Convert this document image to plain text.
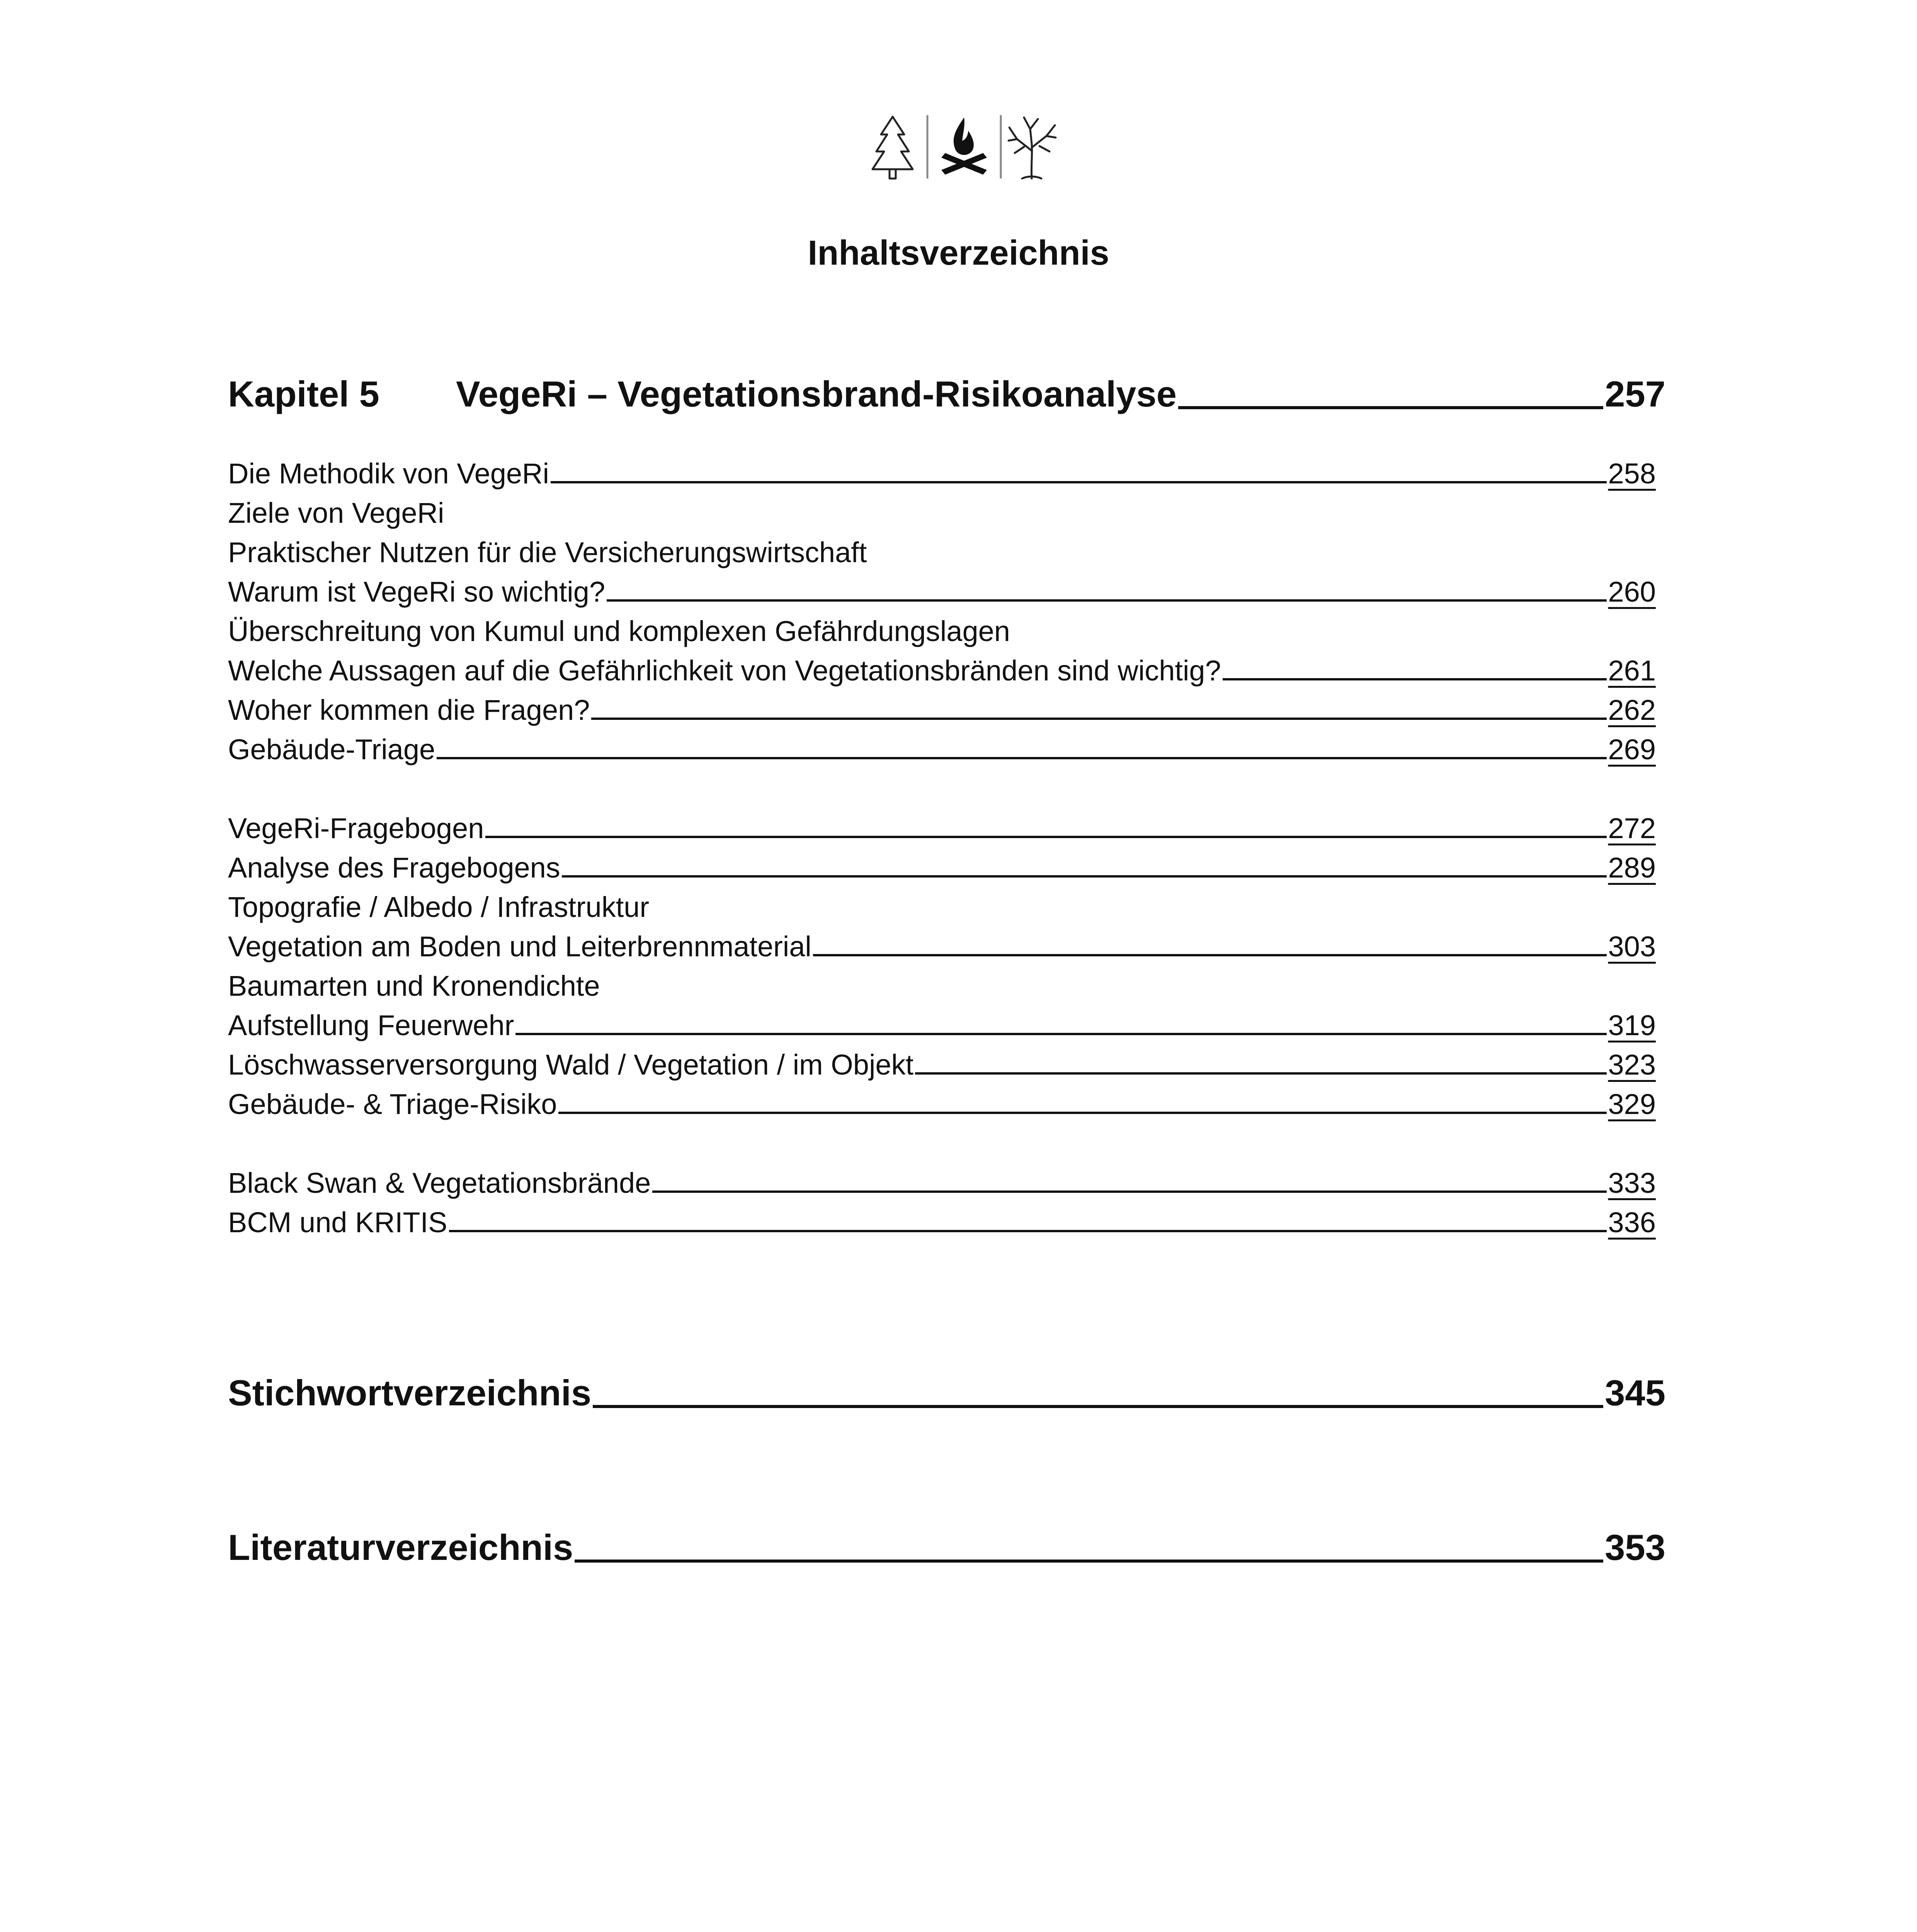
Inhaltsverzeichnis
Kapitel 5	VegeRi – Vegetationsbrand-Risikoanalyse	257
Die Methodik von VegeRi	258
Ziele von VegeRi
Praktischer Nutzen für die Versicherungswirtschaft
Warum ist VegeRi so wichtig?	260
Überschreitung von Kumul und komplexen Gefährdungslagen
Welche Aussagen auf die Gefährlichkeit von Vegetationsbränden sind wichtig?	261
Woher kommen die Fragen?	262
Gebäude-Triage	269
VegeRi-Fragebogen	272
Analyse des Fragebogens	289
Topografie / Albedo / Infrastruktur
Vegetation am Boden und Leiterbrennmaterial	303
Baumarten und Kronendichte
Aufstellung Feuerwehr	319
Löschwasserversorgung Wald / Vegetation / im Objekt	323
Gebäude- & Triage-Risiko	329
Black Swan & Vegetationsbrände	333
BCM und KRITIS	336
Stichwortverzeichnis	345
Literaturverzeichnis	353
